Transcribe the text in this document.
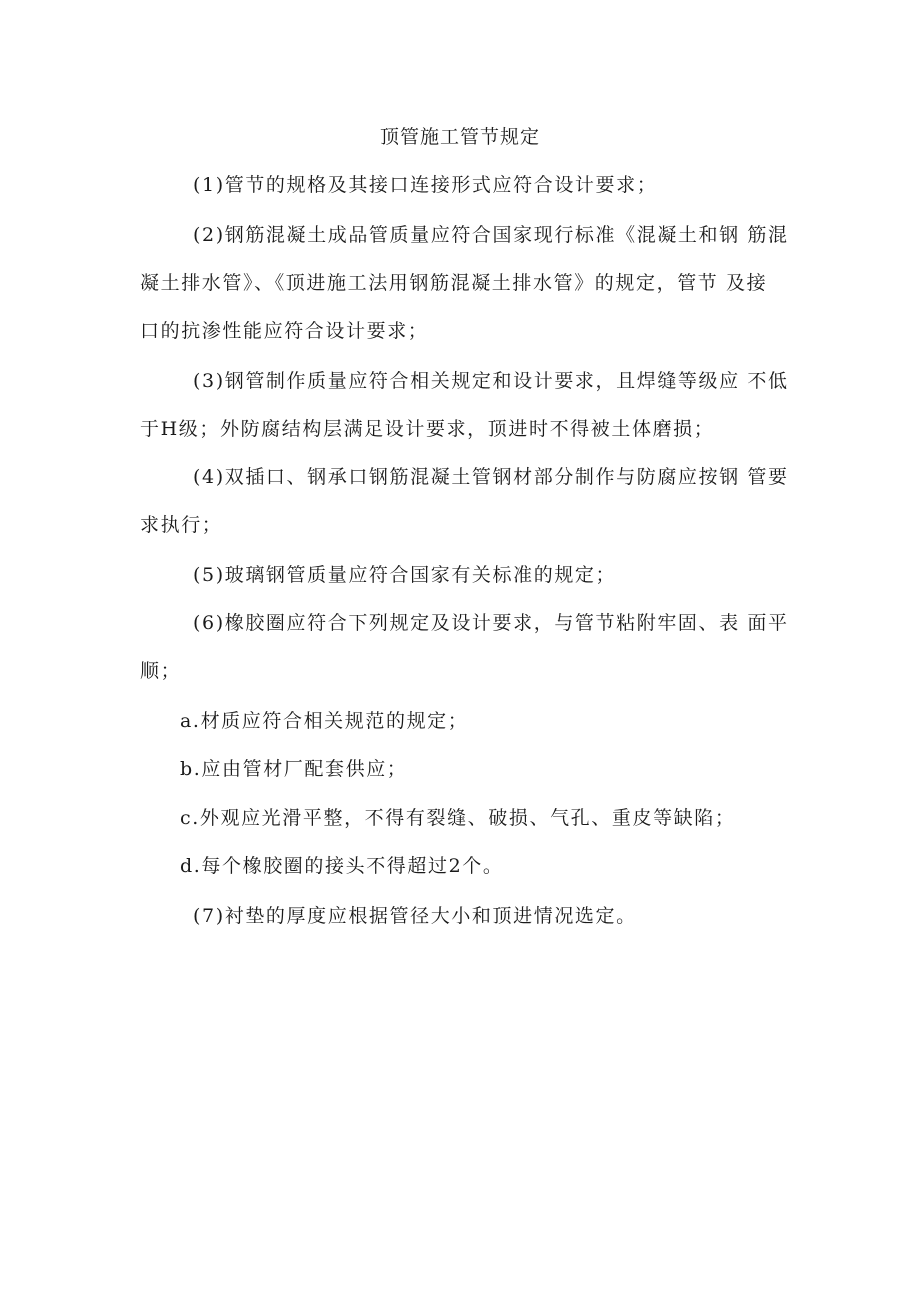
顶管施工管节规定
(1)管节的规格及其接口连接形式应符合设计要求；
(2)钢筋混凝土成品管质量应符合国家现行标准《混凝土和钢 筋混
凝土排水管》、《顶进施工法用钢筋混凝土排水管》的规定，管节 及接
口的抗渗性能应符合设计要求；
(3)钢管制作质量应符合相关规定和设计要求，且焊缝等级应 不低
于H级；外防腐结构层满足设计要求，顶进时不得被土体磨损；
(4)双插口、钢承口钢筋混凝土管钢材部分制作与防腐应按钢 管要
求执行；
(5)玻璃钢管质量应符合国家有关标准的规定；
(6)橡胶圈应符合下列规定及设计要求，与管节粘附牢固、表 面平
顺；
a.材质应符合相关规范的规定；
b.应由管材厂配套供应；
c.外观应光滑平整，不得有裂缝、破损、气孔、重皮等缺陷；
d.每个橡胶圈的接头不得超过2个。
(7)衬垫的厚度应根据管径大小和顶进情况选定。
